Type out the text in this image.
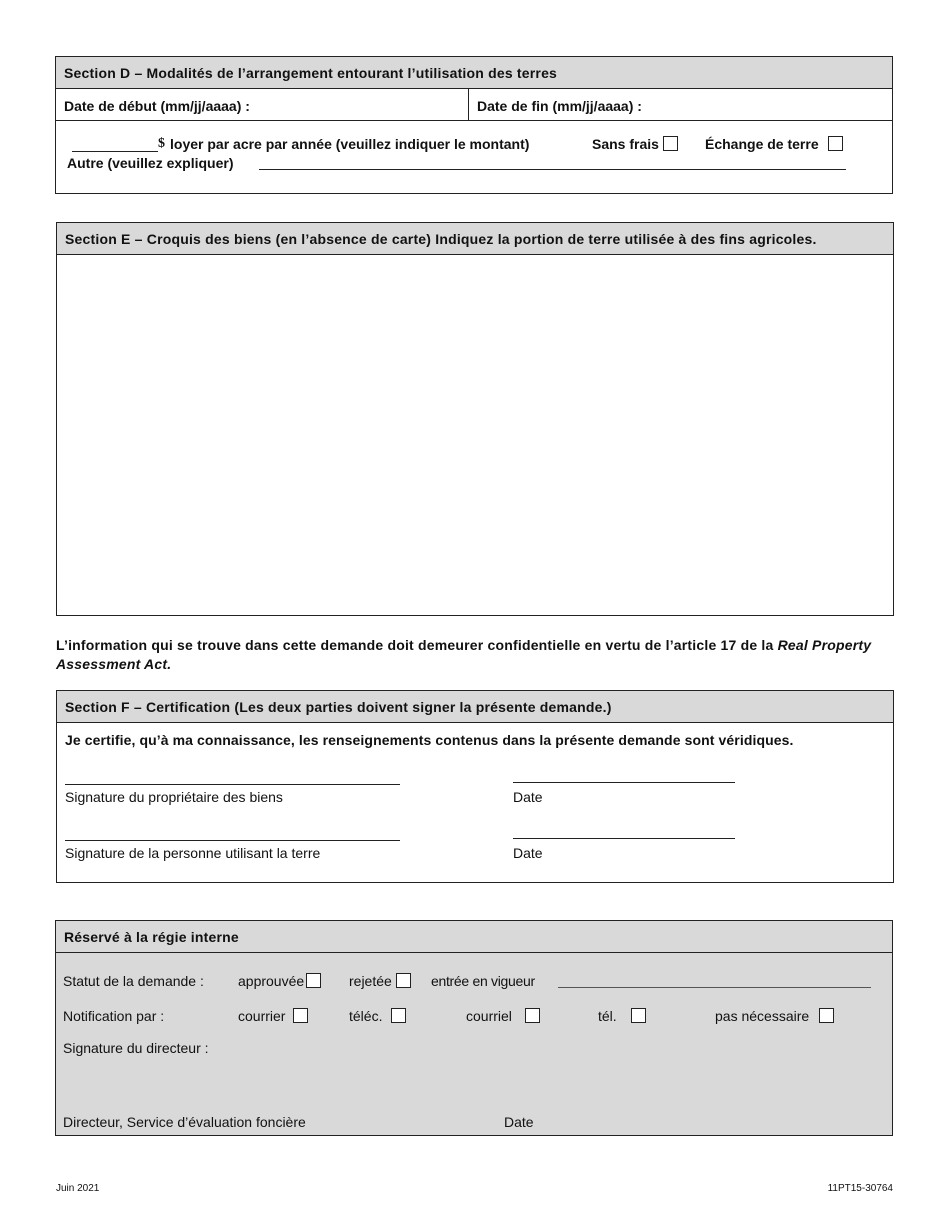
Section D – Modalités de l’arrangement entourant l’utilisation des terres
Date de début (mm/jj/aaaa) :	Date de fin (mm/jj/aaaa) :
$ loyer par acre par année (veuillez indiquer le montant)	Sans frais	Échange de terre
Autre (veuillez expliquer)
Section E – Croquis des biens (en l’absence de carte) Indiquez la portion de terre utilisée à des fins agricoles.
L’information qui se trouve dans cette demande doit demeurer confidentielle en vertu de l’article 17 de la Real Property Assessment Act.
Section F – Certification (Les deux parties doivent signer la présente demande.)
Je certifie, qu’à ma connaissance, les renseignements contenus dans la présente demande sont véridiques.
Signature du propriétaire des biens	Date
Signature de la personne utilisant la terre	Date
Réservé à la régie interne
Statut de la demande : approuvée	rejetée	entrée en vigueur
Notification par :	courrier	téléc.	courriel	tél.	pas nécessaire
Signature du directeur :
Directeur, Service d’évaluation foncière	Date
Juin 2021	11PT15-30764
